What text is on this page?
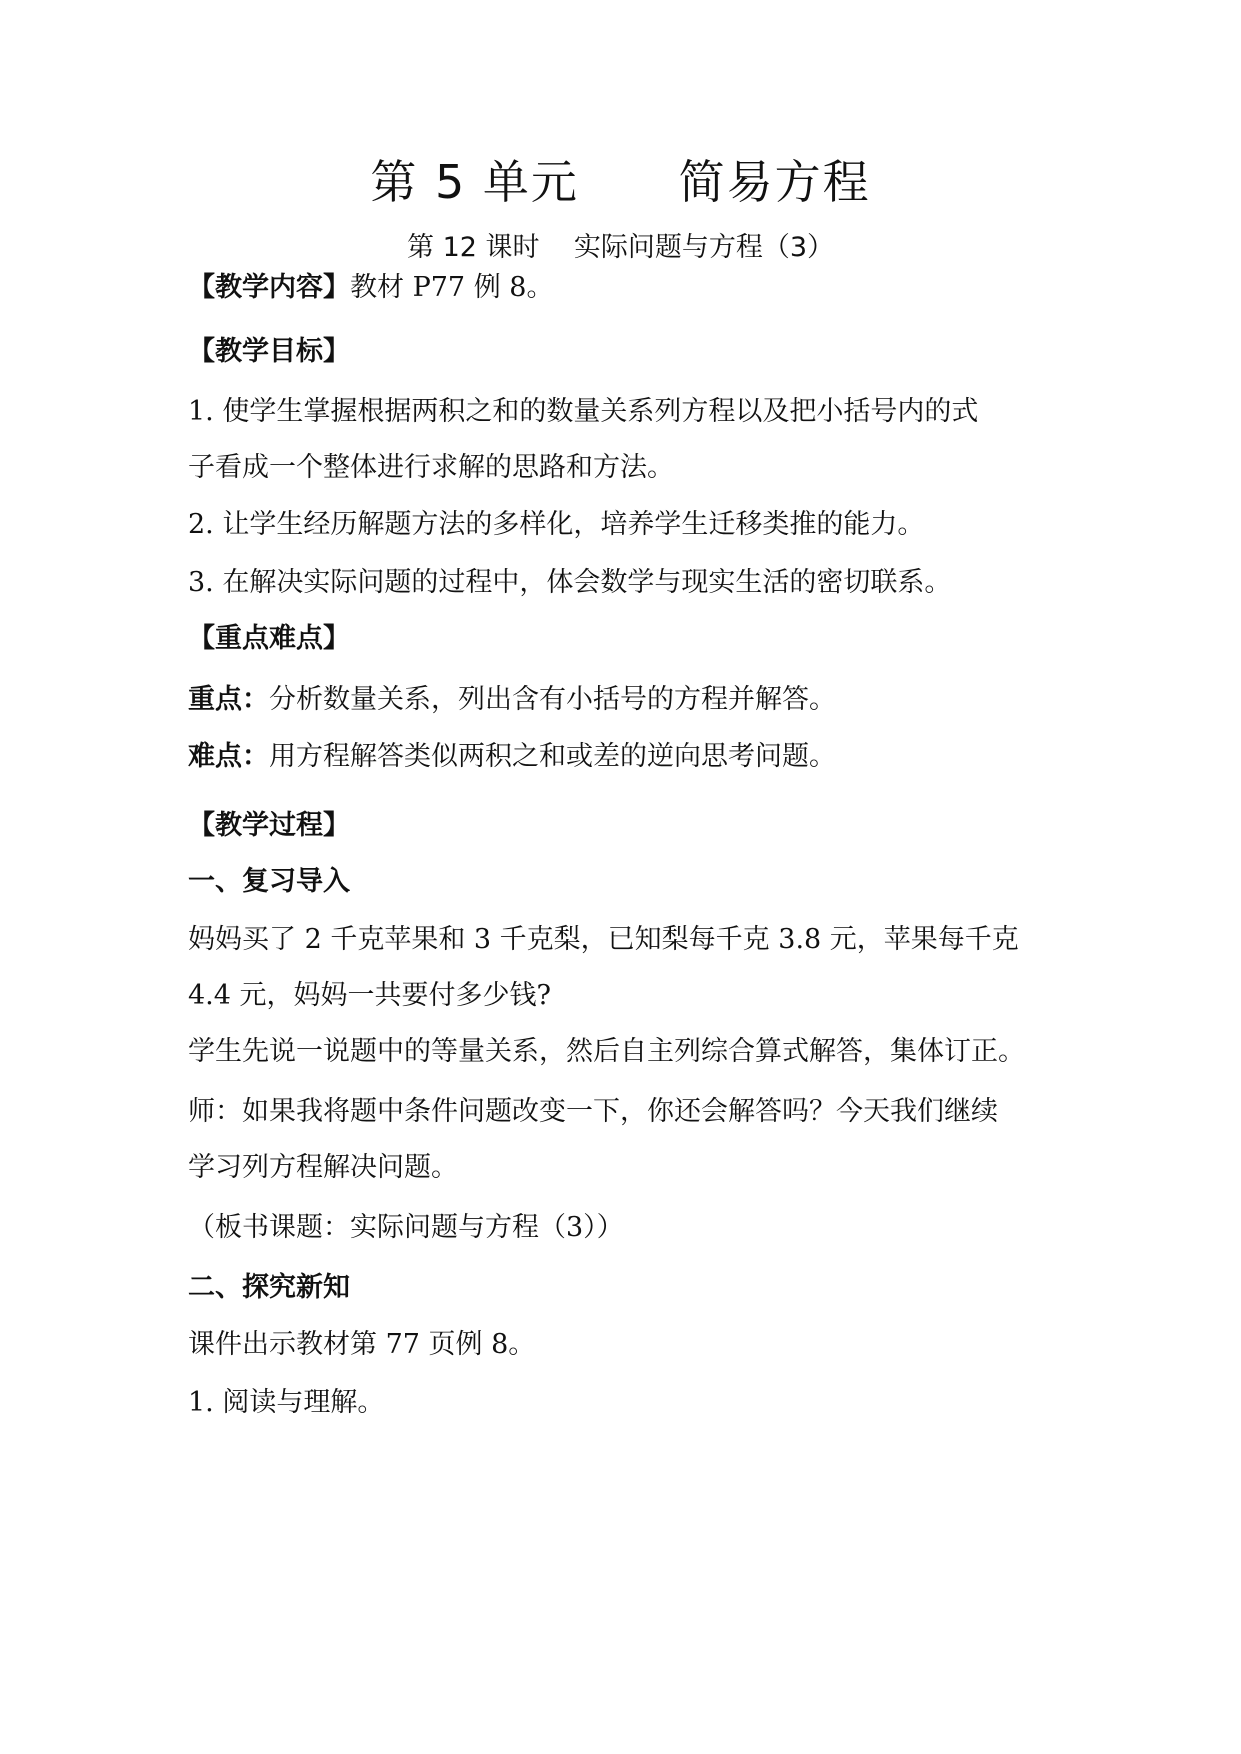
第 5 单元      简易方程
第 12 课时    实际问题与方程（3）
【教学内容】教材 P77 例 8。
【教学目标】
1. 使学生掌握根据两积之和的数量关系列方程以及把小括号内的式
子看成一个整体进行求解的思路和方法。
2. 让学生经历解题方法的多样化，培养学生迁移类推的能力。
3. 在解决实际问题的过程中，体会数学与现实生活的密切联系。
【重点难点】
重点：分析数量关系，列出含有小括号的方程并解答。
难点：用方程解答类似两积之和或差的逆向思考问题。
【教学过程】
一、复习导入
妈妈买了 2 千克苹果和 3 千克梨，已知梨每千克 3.8 元，苹果每千克
4.4 元，妈妈一共要付多少钱?
学生先说一说题中的等量关系，然后自主列综合算式解答，集体订正。
师：如果我将题中条件问题改变一下，你还会解答吗？今天我们继续
学习列方程解决问题。
（板书课题：实际问题与方程（3））
二、探究新知
课件出示教材第 77 页例 8。
1. 阅读与理解。
